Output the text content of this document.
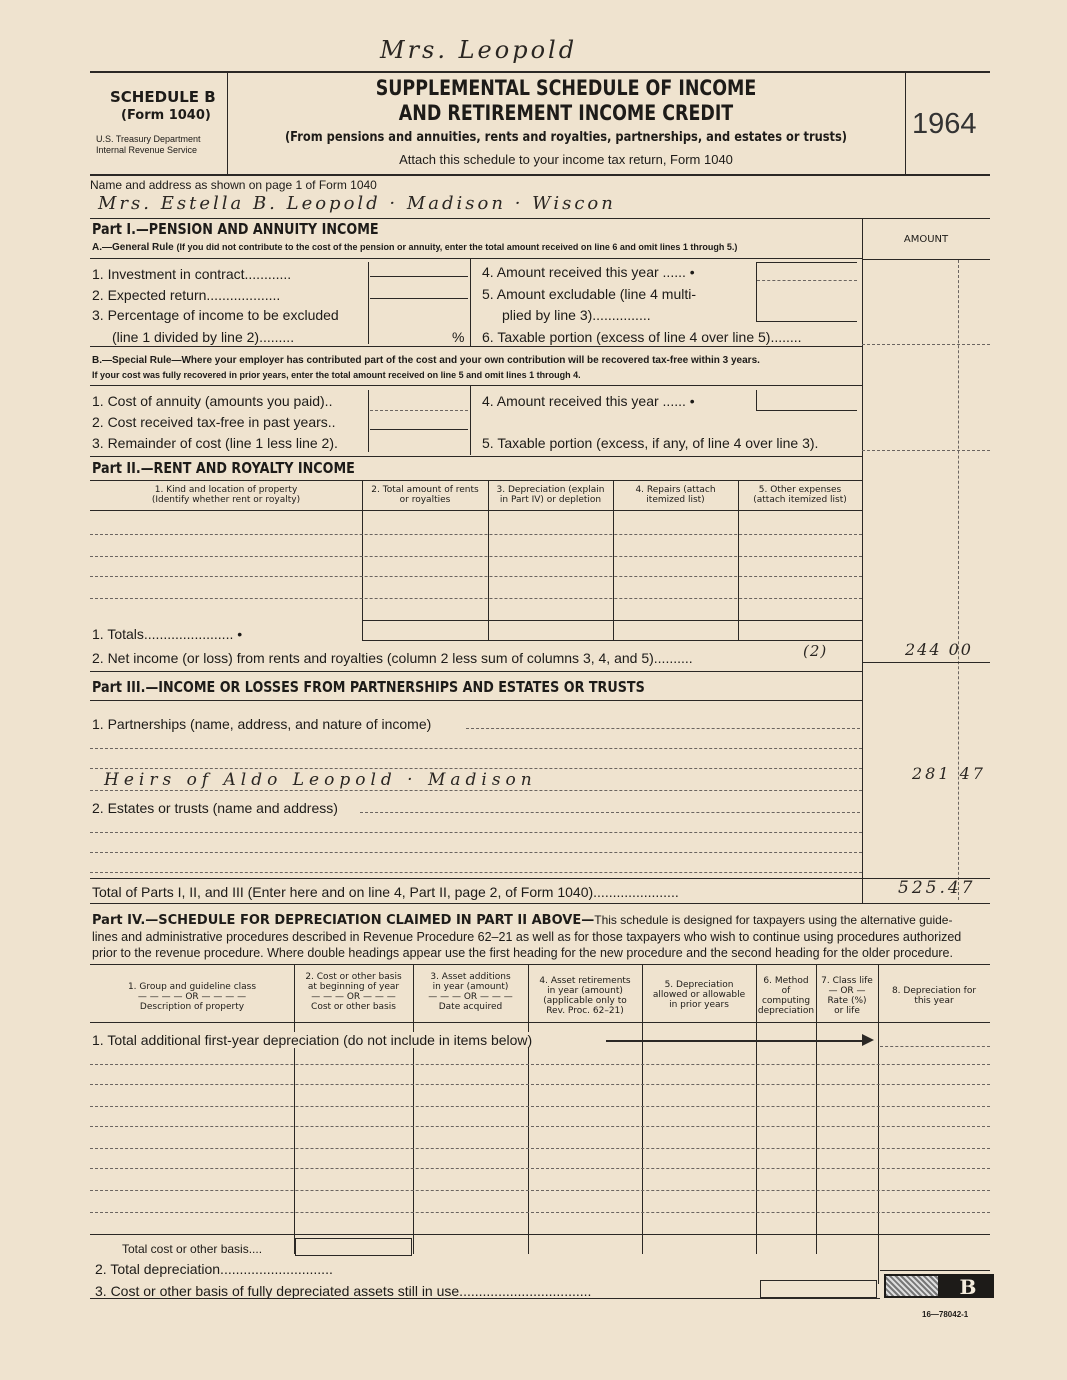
Mrs. Leopold
SCHEDULE B
(Form 1040)
U.S. Treasury Department
Internal Revenue Service
SUPPLEMENTAL SCHEDULE OF INCOME
AND RETIREMENT INCOME CREDIT
(From pensions and annuities, rents and royalties, partnerships, and estates or trusts)
Attach this schedule to your income tax return, Form 1040
1964
Name and address as shown on page 1 of Form 1040
Mrs. Estella B. Leopold · Madison · Wiscon
AMOUNT
Part I.—PENSION AND ANNUITY INCOME
A.—General Rule (If you did not contribute to the cost of the pension or annuity, enter the total amount received on line 6 and omit lines 1 through 5.)
1. Investment in contract............
2. Expected return...................
3. Percentage of income to be excluded
(line 1 divided by line 2).........	%
4. Amount received this year ...... •
5. Amount excludable (line 4 multi-
plied by line 3)...............
6. Taxable portion (excess of line 4 over line 5)........
B.—Special Rule—Where your employer has contributed part of the cost and your own contribution will be recovered tax-free within 3 years.
If your cost was fully recovered in prior years, enter the total amount received on line 5 and omit lines 1 through 4.
1. Cost of annuity (amounts you paid)..
2. Cost received tax-free in past years..
3. Remainder of cost (line 1 less line 2).
4. Amount received this year ...... •
5. Taxable portion (excess, if any, of line 4 over line 3).
Part II.—RENT AND ROYALTY INCOME
1. Kind and location of property
(Identify whether rent or royalty)
2. Total amount of rents
or royalties
3. Depreciation (explain
in Part IV) or depletion
4. Repairs (attach
itemized list)
5. Other expenses
(attach itemized list)
1. Totals....................... •
2. Net income (or loss) from rents and royalties (column 2 less sum of columns 3, 4, and 5)..........	(2)	244 00
Part III.—INCOME OR LOSSES FROM PARTNERSHIPS AND ESTATES OR TRUSTS
1. Partnerships (name, address, and nature of income)
Heirs of Aldo Leopold · Madison	281 47
2. Estates or trusts (name and address)
Total of Parts I, II, and III (Enter here and on line 4, Part II, page 2, of Form 1040)......................	525.47
Part IV.—SCHEDULE FOR DEPRECIATION CLAIMED IN PART II ABOVE—This schedule is designed for taxpayers using the alternative guide-
lines and administrative procedures described in Revenue Procedure 62–21 as well as for those taxpayers who wish to continue using procedures authorized
prior to the revenue procedure. Where double headings appear use the first heading for the new procedure and the second heading for the older procedure.
1. Group and guideline class
— — — — OR — — — —
Description of property
2. Cost or other basis
at beginning of year
— — — OR — — —
Cost or other basis
3. Asset additions
in year (amount)
— — — OR — — —
Date acquired
4. Asset retirements
in year (amount)
(applicable only to
Rev. Proc. 62–21)
5. Depreciation
allowed or allowable
in prior years
6. Method
of
computing
depreciation
7. Class life
— OR —
Rate (%)
or life
8. Depreciation for
this year
1. Total additional first-year depreciation (do not include in items below)
Total cost or other basis....
2. Total depreciation.............................
3. Cost or other basis of fully depreciated assets still in use..................................	B
16—78042-1
